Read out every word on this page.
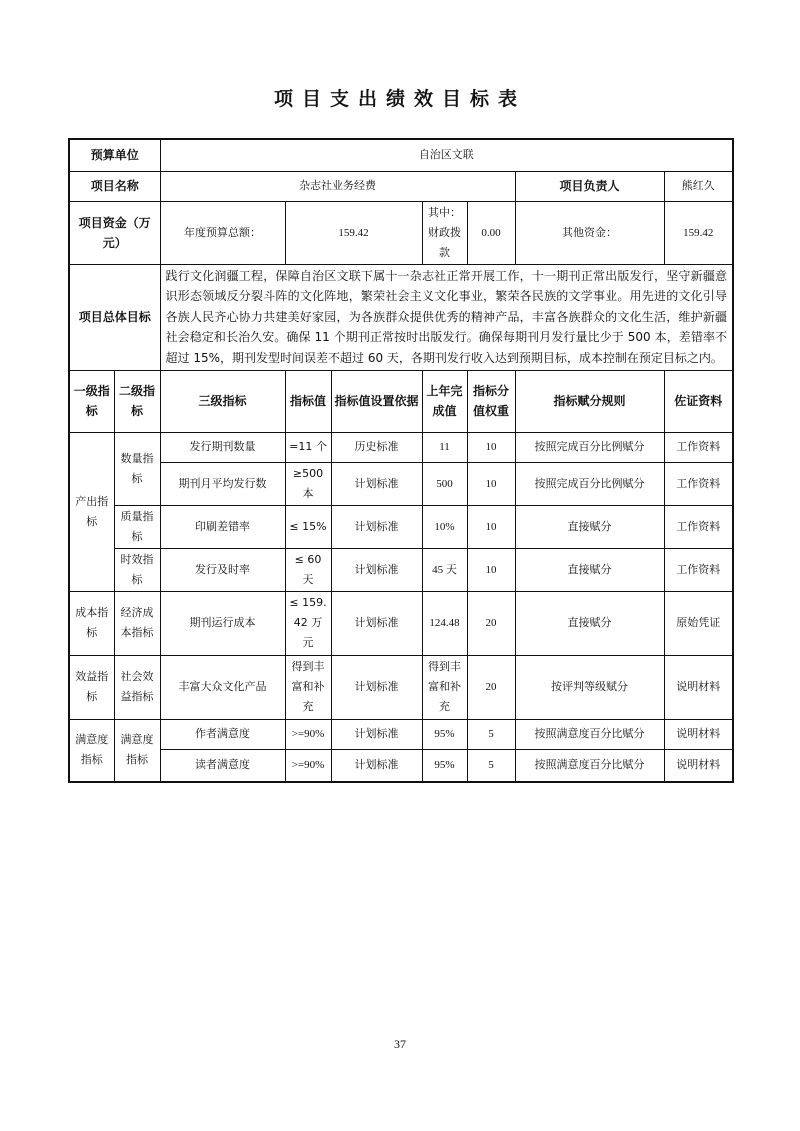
项目支出绩效目标表
预算单位		自治区文联						
项目名称		杂志社业务经费					项目负责人	熊红久
项目资金（万元）		年度预算总额：	159.42		其中：财政拨款	0.00	其他资金：	159.42
项目总体目标		践行文化润疆工程，保障自治区文联下属十一杂志社正常开展工作，十一期刊正常出版发行，坚守新疆意识形态领域反分裂斗阵的文化阵地，繁荣社会主义文化事业，繁荣各民族的文学事业。用先进的文化引导各族人民齐心协力共建美好家园，为各族群众提供优秀的精神产品，丰富各族群众的文化生活，维护新疆社会稳定和长治久安。确保 11 个期刊正常按时出版发行。确保每期刊月发行量比少于 500 本，差错率不超过 15%，期刊发型时间误差不超过 60 天，各期刊发行收入达到预期目标，成本控制在预定目标之内。						
一级指标	二级指标	三级指标	指标值	指标值设置依据	上年完成值	指标分值权重	指标赋分规则	佐证资料
产出指标	数量指标	发行期刊数量	=11 个	历史标准	11	10	按照完成百分比例赋分	工作资料
		期刊月平均发行数	≥500 本	计划标准	500	10	按照完成百分比例赋分	工作资料
	质量指标	印刷差错率	≤ 15%	计划标准	10%	10	直接赋分	工作资料
	时效指标	发行及时率	≤ 60 天	计划标准	45 天	10	直接赋分	工作资料
成本指标	经济成本指标	期刊运行成本	≤ 159.42 万元	计划标准	124.48	20	直接赋分	原始凭证
效益指标	社会效益指标	丰富大众文化产品	得到丰富和补充	计划标准	得到丰富和补充	20	按评判等级赋分	说明材料
满意度指标	满意度指标	作者满意度	>=90%	计划标准	95%	5	按照满意度百分比赋分	说明材料
		读者满意度	>=90%	计划标准	95%	5	按照满意度百分比赋分	说明材料
37
